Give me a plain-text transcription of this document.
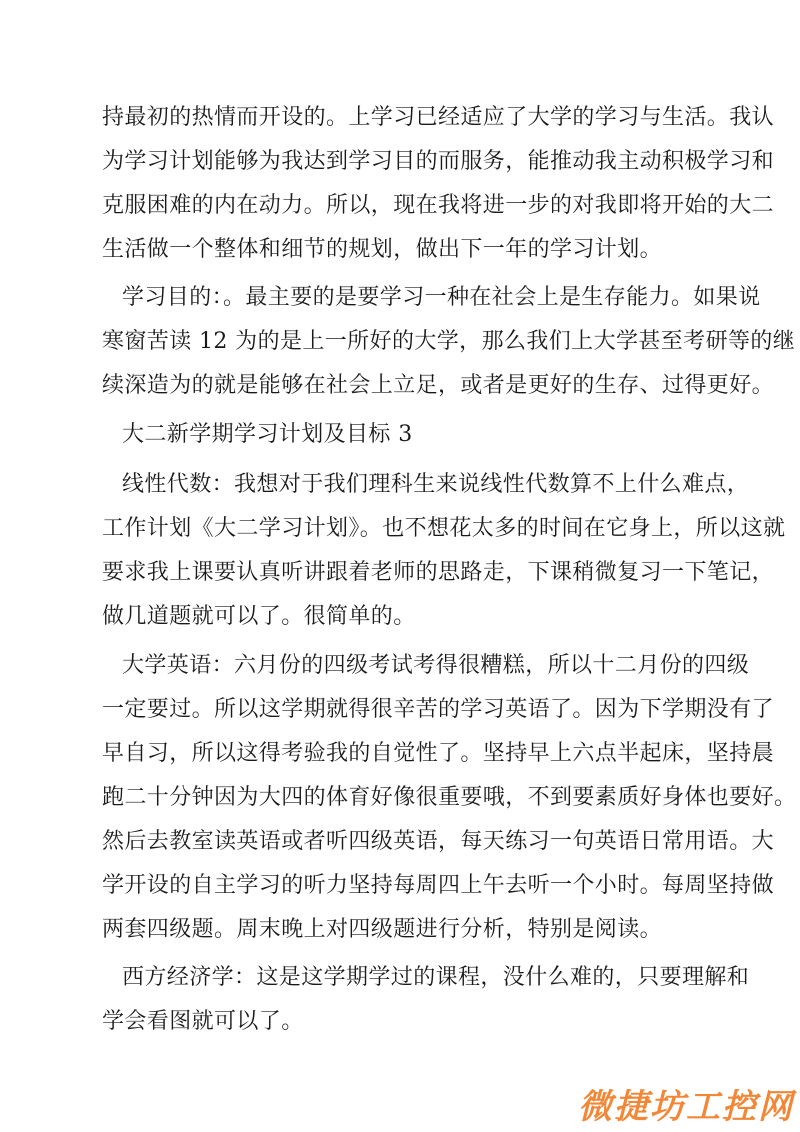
持最初的热情而开设的。上学习已经适应了大学的学习与生活。我认
为学习计划能够为我达到学习目的而服务，能推动我主动积极学习和
克服困难的内在动力。所以，现在我将进一步的对我即将开始的大二
生活做一个整体和细节的规划，做出下一年的学习计划。
学习目的：。最主要的是要学习一种在社会上是生存能力。如果说
寒窗苦读 12 为的是上一所好的大学，那么我们上大学甚至考研等的继
续深造为的就是能够在社会上立足，或者是更好的生存、过得更好。
大二新学期学习计划及目标 3
线性代数：我想对于我们理科生来说线性代数算不上什么难点，
工作计划《大二学习计划》。也不想花太多的时间在它身上，所以这就
要求我上课要认真听讲跟着老师的思路走，下课稍微复习一下笔记，
做几道题就可以了。很简单的。
大学英语：六月份的四级考试考得很糟糕，所以十二月份的四级
一定要过。所以这学期就得很辛苦的学习英语了。因为下学期没有了
早自习，所以这得考验我的自觉性了。坚持早上六点半起床，坚持晨
跑二十分钟因为大四的体育好像很重要哦，不到要素质好身体也要好。
然后去教室读英语或者听四级英语，每天练习一句英语日常用语。大
学开设的自主学习的听力坚持每周四上午去听一个小时。每周坚持做
两套四级题。周末晚上对四级题进行分析，特别是阅读。
西方经济学：这是这学期学过的课程，没什么难的，只要理解和
学会看图就可以了。
微捷坊工控网
